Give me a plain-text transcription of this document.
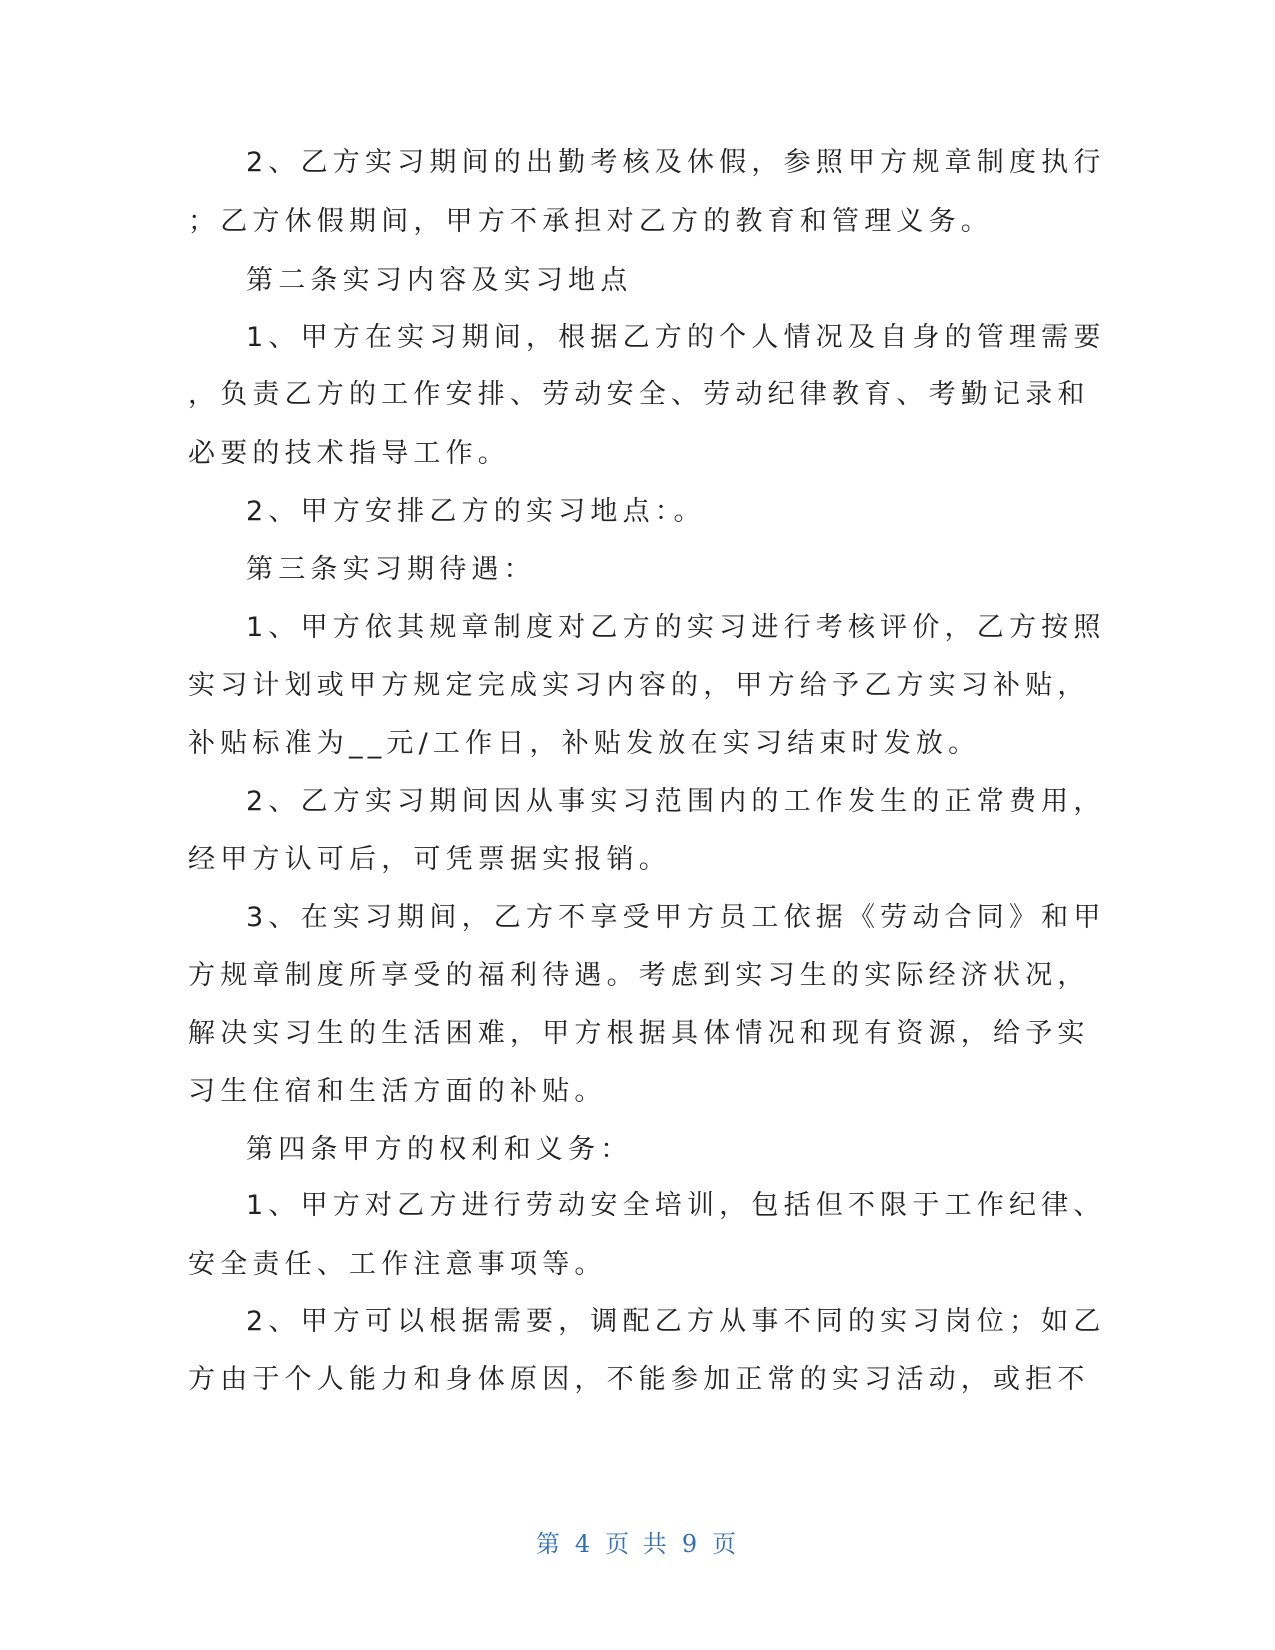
2、乙方实习期间的出勤考核及休假，参照甲方规章制度执行
；乙方休假期间，甲方不承担对乙方的教育和管理义务。
第二条实习内容及实习地点
1、甲方在实习期间，根据乙方的个人情况及自身的管理需要
，负责乙方的工作安排、劳动安全、劳动纪律教育、考勤记录和
必要的技术指导工作。
2、甲方安排乙方的实习地点：。
第三条实习期待遇：
1、甲方依其规章制度对乙方的实习进行考核评价，乙方按照
实习计划或甲方规定完成实习内容的，甲方给予乙方实习补贴，
补贴标准为__元/工作日，补贴发放在实习结束时发放。
2、乙方实习期间因从事实习范围内的工作发生的正常费用，
经甲方认可后，可凭票据实报销。
3、在实习期间，乙方不享受甲方员工依据《劳动合同》和甲
方规章制度所享受的福利待遇。考虑到实习生的实际经济状况，
解决实习生的生活困难，甲方根据具体情况和现有资源，给予实
习生住宿和生活方面的补贴。
第四条甲方的权利和义务：
1、甲方对乙方进行劳动安全培训，包括但不限于工作纪律、
安全责任、工作注意事项等。
2、甲方可以根据需要，调配乙方从事不同的实习岗位；如乙
方由于个人能力和身体原因，不能参加正常的实习活动，或拒不
第 4 页 共 9 页
